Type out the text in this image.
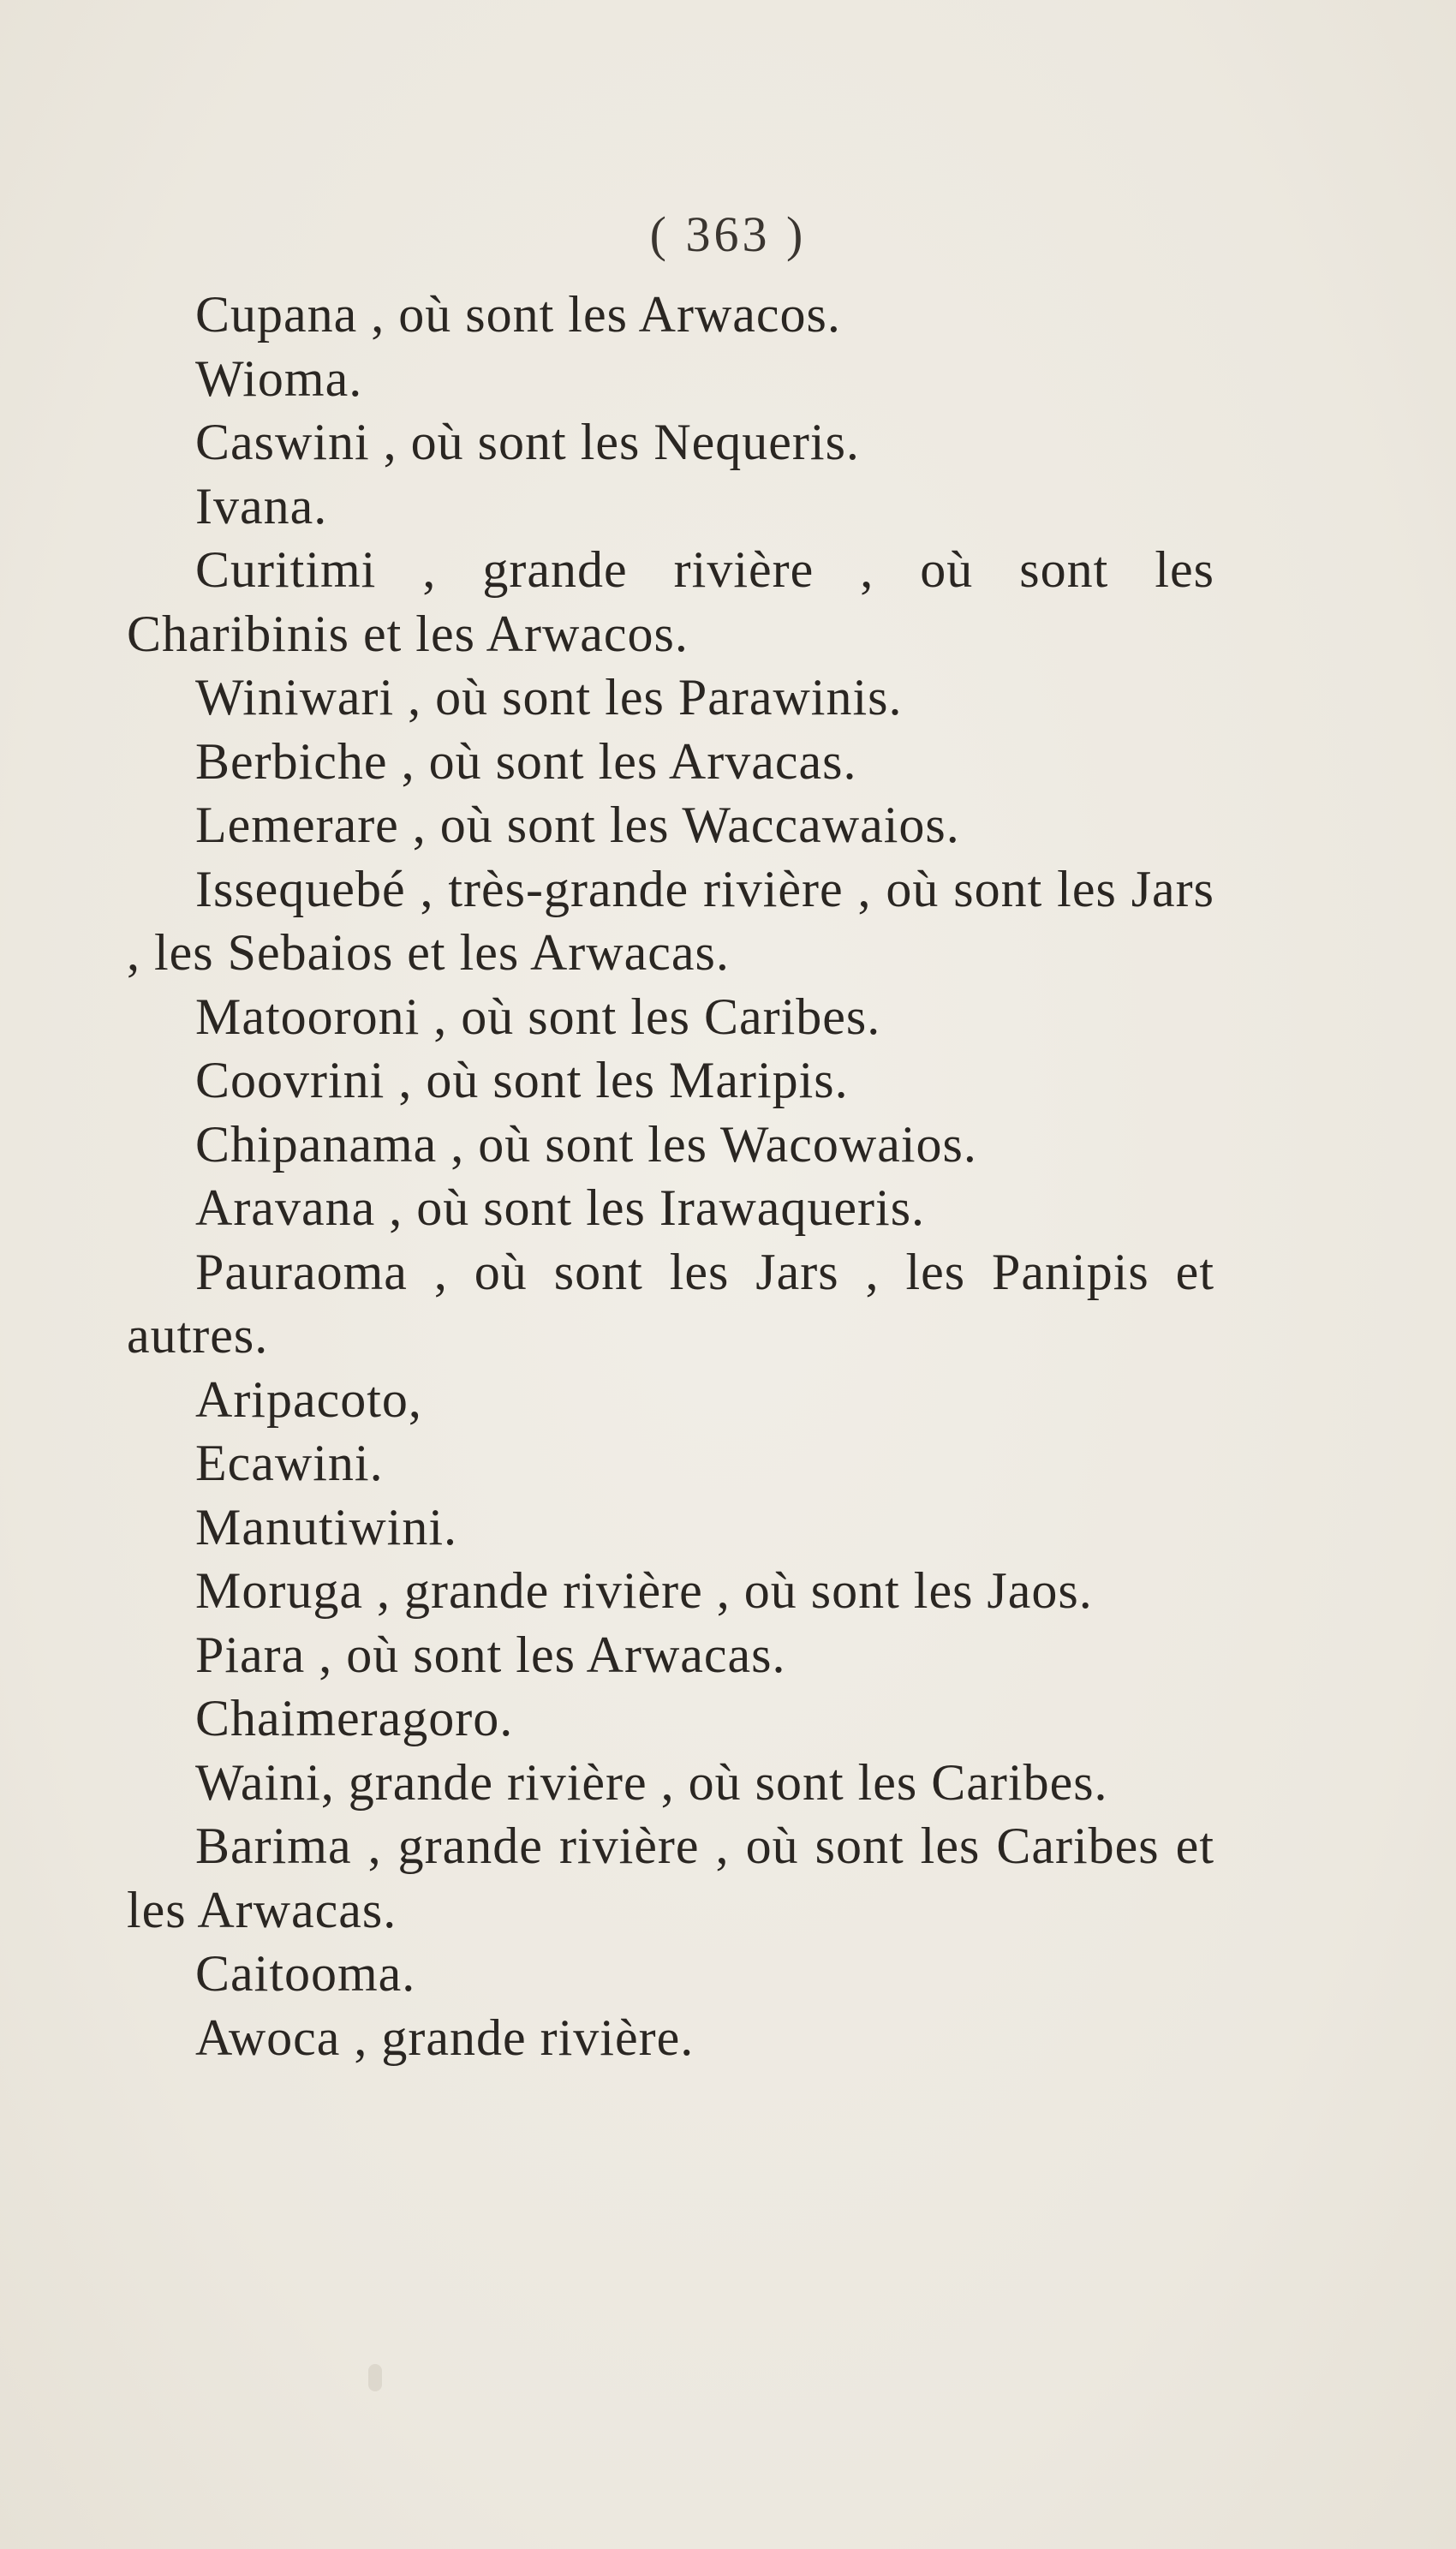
( 363 )

Cupana , où sont les Arwacos.

Wioma.

Caswini , où sont les Nequeris.

Ivana.

Curitimi , grande rivière , où sont les Charibinis et les Arwacos.

Winiwari , où sont les Parawinis.

Berbiche , où sont les Arvacas.

Lemerare , où sont les Waccawaios.

Issequebé , très-grande rivière , où sont les Jars , les Sebaios et les Arwacas.

Matooroni , où sont les Caribes.

Coovrini , où sont les Maripis.

Chipanama , où sont les Wacowaios.

Aravana , où sont les Irawaqueris.

Pauraoma , où sont les Jars , les Panipis et autres.

Aripacoto,

Ecawini.

Manutiwini.

Moruga , grande rivière , où sont les Jaos.

Piara , où sont les Arwacas.

Chaimeragoro.

Waini, grande rivière , où sont les Caribes.

Barima , grande rivière , où sont les Caribes et les Arwacas.

Caitooma.

Awoca , grande rivière.
